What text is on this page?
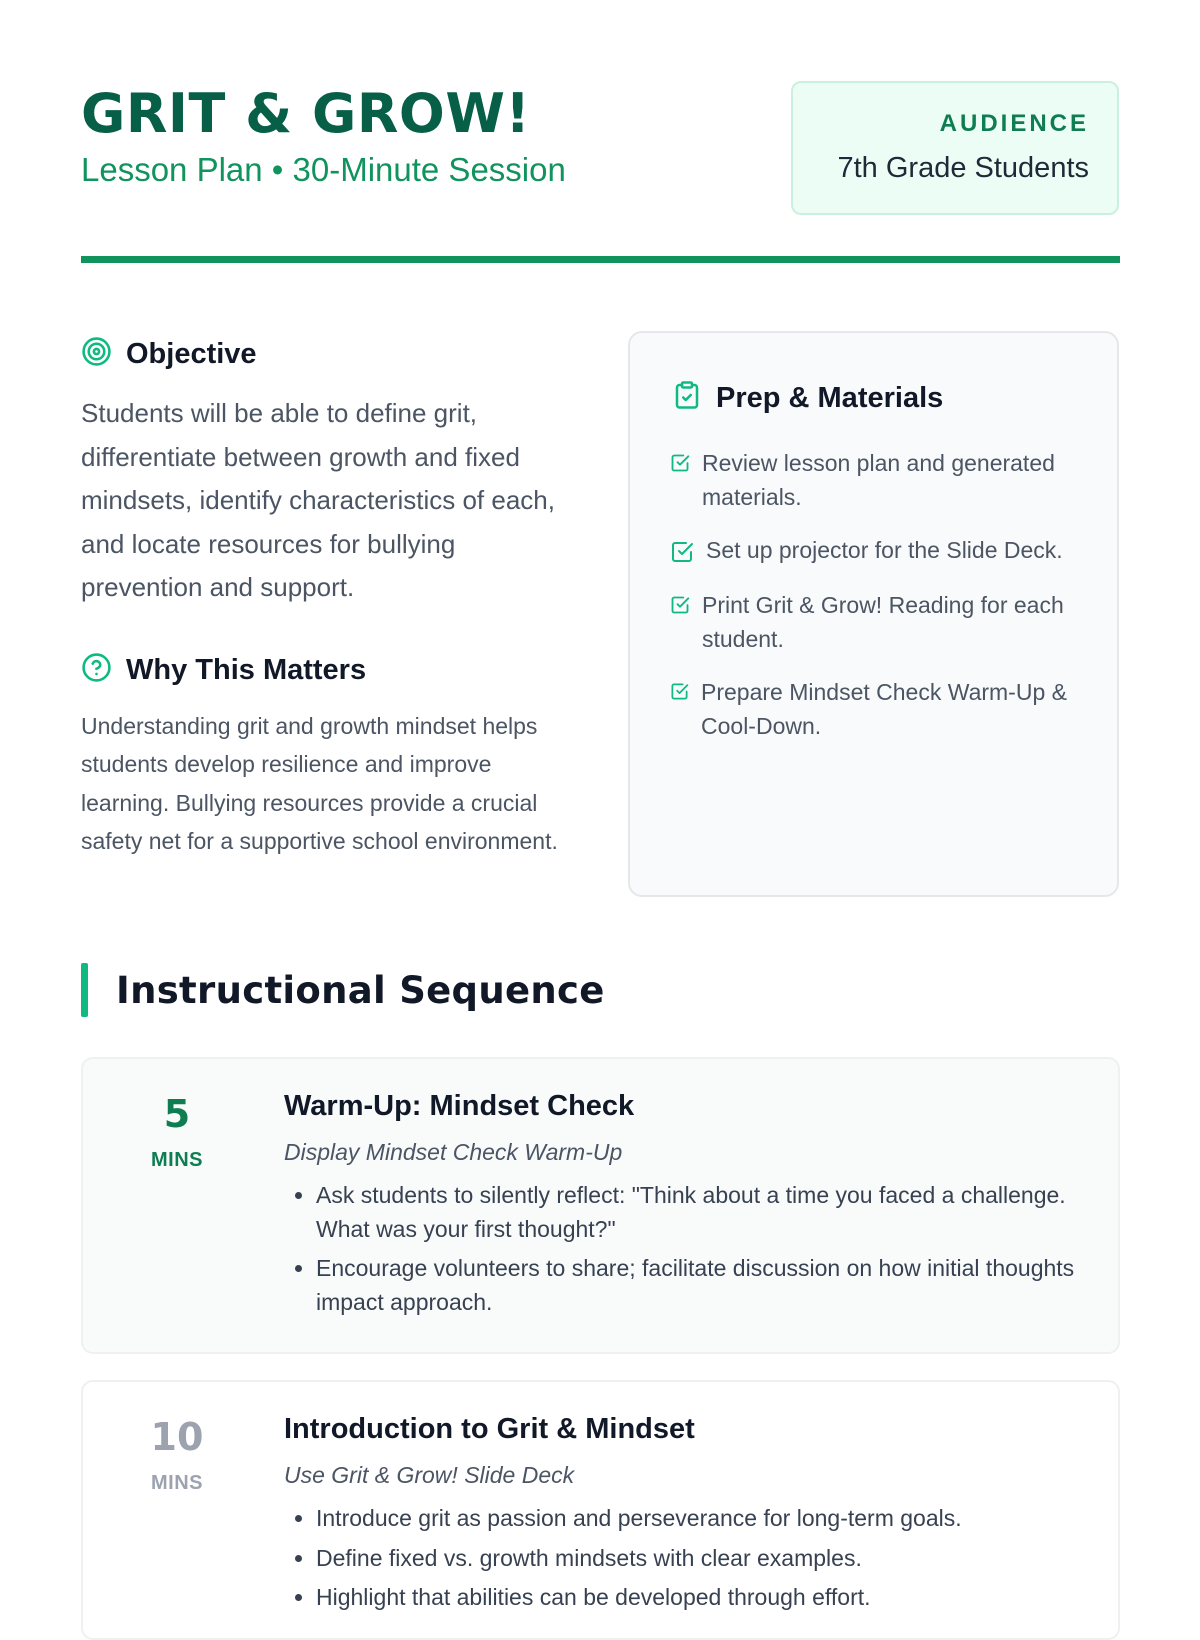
GRIT & GROW!
Lesson Plan • 30-Minute Session
AUDIENCE
7th Grade Students
Objective

Students will be able to define grit, differentiate between growth and fixed mindsets, identify characteristics of each, and locate resources for bullying prevention and support.

Why This Matters

Understanding grit and growth mindset helps students develop resilience and improve learning. Bullying resources provide a crucial safety net for a supportive school environment.

Prep & Materials
Review lesson plan and generated materials.
Set up projector for the Slide Deck.
Print Grit & Grow! Reading for each student.
Prepare Mindset Check Warm-Up & Cool-Down.
Instructional Sequence
5
MINS
Warm-Up: Mindset Check
Display Mindset Check Warm-Up
• Ask students to silently reflect: "Think about a time you faced a challenge. What was your first thought?"
• Encourage volunteers to share; facilitate discussion on how initial thoughts impact approach.
10
MINS
Introduction to Grit & Mindset
Use Grit & Grow! Slide Deck
• Introduce grit as passion and perseverance for long-term goals.
• Define fixed vs. growth mindsets with clear examples.
• Highlight that abilities can be developed through effort.
